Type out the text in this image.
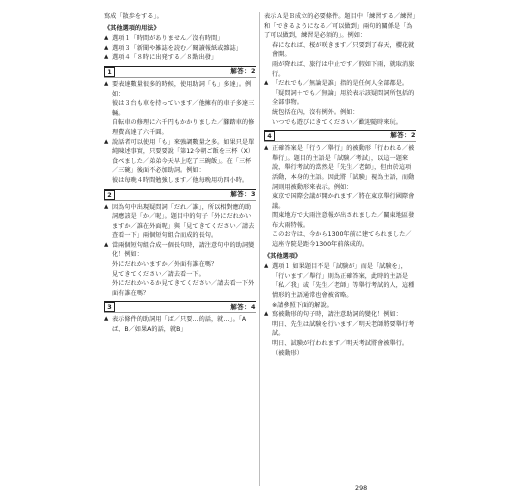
寫成「散歩をする」。

《其他選項的用法》

▲ 選項１「時間がありません／沒有時間」

▲ 選項３「新聞や雑誌を読む／閱讀報紙或雜誌」

▲ 選項４「８時に出発する／８點出發」

1	解答：2

▲ 要表達數量很多的時候，使用助詞「も」多達」。例如：

彼は３台も車を持っています／他擁有的車子多達三輛。

自転車の修理に六千円もかかりました／腳踏車的修理費高達了六千圓。

▲ 說話者可以使用「も」來強調數量之多。如果只是單純陳述事實，只要要說「第12今朝ご飯を三杯（X）食べました／弟弟今天早上吃了三碗飯」。在「三杯／三碗」後面不必加助詞。例如：

彼は毎晩４時間勉強します／他每晚用功四小時。

2	解答：3

▲ 因為句中出現疑問詞「だれ／誰」，所以相對應的助詞應該是「か／呢」。題目中的句子「外にだれかいますか／誰在外面呢」與「見てきてください／請去查看一下」兩個短句組合而成的長句。

▲ 當兩個短句組合成一個長句時，請注意句中的助詞變化！例如：

外にだれかいますか／外面有誰在嗎？

見てきてください／請去看一下。

外にだれかいるか見てきてください／請去看一下外面有誰在嗎？

3	解答：4

▲ 表示條件的助詞用「ば／只要…的話，就…」。「Aば、B／如果A的話，就B」

表示Ａ是Ｂ成立的必要條件。題目中「練習する／練習」和「できるようになる／可以做到」兩句的關係是「為了可以做到，練習是必須的」。例如：

春になれば、桜が咲きます／只要到了春天，櫻花就會開。

雨が降れば、旅行は中止です／假如下雨，就取消旅行。

▲ 「だれでも／無論是誰」指的是任何人全部都是。「疑問詞＋でも／無論」用於表示該疑問詞所包括的全部事物。

統包括在內，沒有例外。例如：

いつでも遊びにきてください／歡迎隨時來玩。

4	解答：2

▲ 正確答案是「行う／舉行」的被動形「行われる／被舉行」。題目的主語是「試験／考試」，以這一題來說，舉行考試的當然是「先生／老師」，但由於這項活動，本身的主語。因此將「試験」視為主語，而動詞則用被動形來表示。例如：

東京で国際会議が開かれます／將在東京舉行國際會議。

関東地方で大雨注意報が出されました／關東地區發布大雨特報。

このお寺は、今から1300年前に建てられました／這座寺院是距今1300年前落成的。

《其他選項》

▲ 選項１ 如果題目不是「試験が」而是「試験を」，「行います／舉行」則為正確答案，此時的主語是「私／我」或「先生／老師」等舉行考試的人，這種情形的主語通常也會被省略。

※請參照下面的解說。

▲ 寫被動形的句子時，請注意助詞的變化！例如：

明日、先生は試験を行います／明天老師將要舉行考試。

明日、試験が行われます／明天考試將會被舉行。（被動形）

298
